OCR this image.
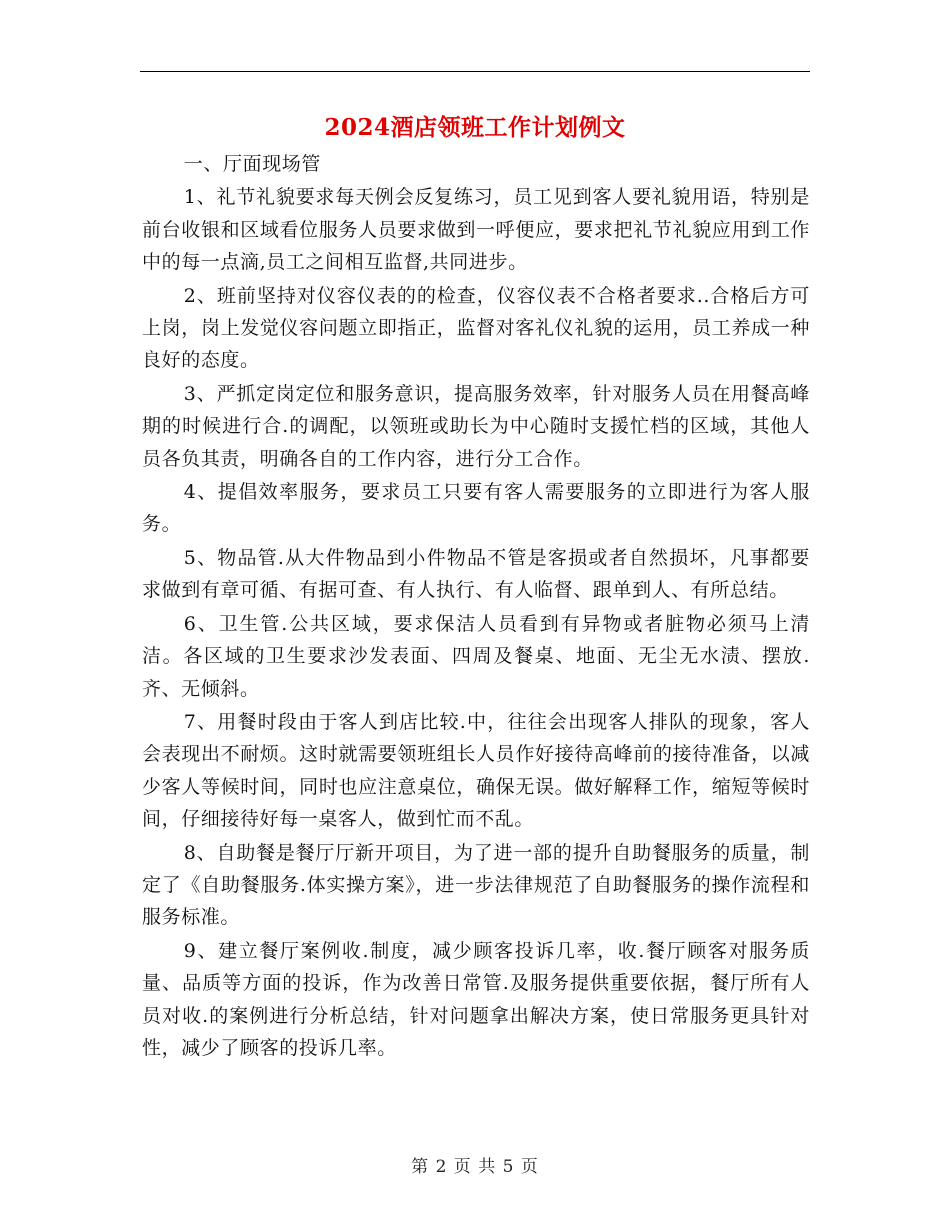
2024酒店领班工作计划例文

一、厅面现场管

1、礼节礼貌要求每天例会反复练习，员工见到客人要礼貌用语，特别是前台收银和区域看位服务人员要求做到一呼便应，要求把礼节礼貌应用到工作中的每一点滴,员工之间相互监督,共同进步。

2、班前坚持对仪容仪表的的检查，仪容仪表不合格者要求..合格后方可上岗，岗上发觉仪容问题立即指正，监督对客礼仪礼貌的运用，员工养成一种良好的态度。

3、严抓定岗定位和服务意识，提高服务效率，针对服务人员在用餐高峰期的时候进行合.的调配，以领班或助长为中心随时支援忙档的区域，其他人员各负其责，明确各自的工作内容，进行分工合作。

4、提倡效率服务，要求员工只要有客人需要服务的立即进行为客人服务。

5、物品管.从大件物品到小件物品不管是客损或者自然损坏，凡事都要求做到有章可循、有据可查、有人执行、有人临督、跟单到人、有所总结。

6、卫生管.公共区域，要求保洁人员看到有异物或者脏物必须马上清洁。各区域的卫生要求沙发表面、四周及餐桌、地面、无尘无水渍、摆放.齐、无倾斜。

7、用餐时段由于客人到店比较.中，往往会出现客人排队的现象，客人会表现出不耐烦。这时就需要领班组长人员作好接待高峰前的接待准备，以减少客人等候时间，同时也应注意桌位，确保无误。做好解释工作，缩短等候时间，仔细接待好每一桌客人，做到忙而不乱。

8、自助餐是餐厅厅新开项目，为了进一部的提升自助餐服务的质量，制定了《自助餐服务.体实操方案》，进一步法律规范了自助餐服务的操作流程和服务标准。

9、建立餐厅案例收.制度，减少顾客投诉几率，收.餐厅顾客对服务质量、品质等方面的投诉，作为改善日常管.及服务提供重要依据，餐厅所有人员对收.的案例进行分析总结，针对问题拿出解决方案，使日常服务更具针对性，减少了顾客的投诉几率。

第 2 页 共 5 页
